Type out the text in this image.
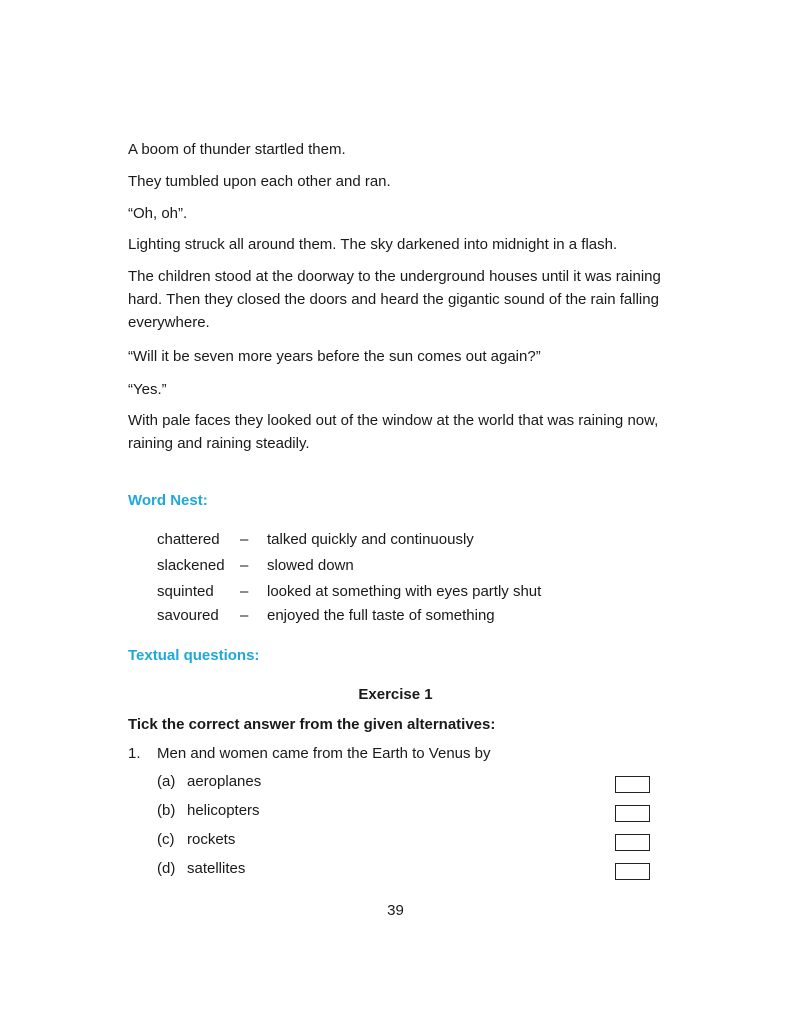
A boom of thunder startled them.

They tumbled upon each other and ran.

“Oh, oh”.

Lighting struck all around them. The sky darkened into midnight in a flash.

The children stood at the doorway to the underground houses until it was raining hard. Then they closed the doors and heard the gigantic sound of the rain falling everywhere.

“Will it be seven more years before the sun comes out again?”

“Yes.”

With pale faces they looked out of the window at the world that was raining now, raining and raining steadily.

Word Nest:
chattered – talked quickly and continuously
slackened – slowed down
squinted – looked at something with eyes partly shut
savoured – enjoyed the full taste of something
Textual questions:
Exercise 1
Tick the correct answer from the given alternatives:
1. Men and women came from the Earth to Venus by
(a) aeroplanes
(b) helicopters
(c) rockets
(d) satellites
39
